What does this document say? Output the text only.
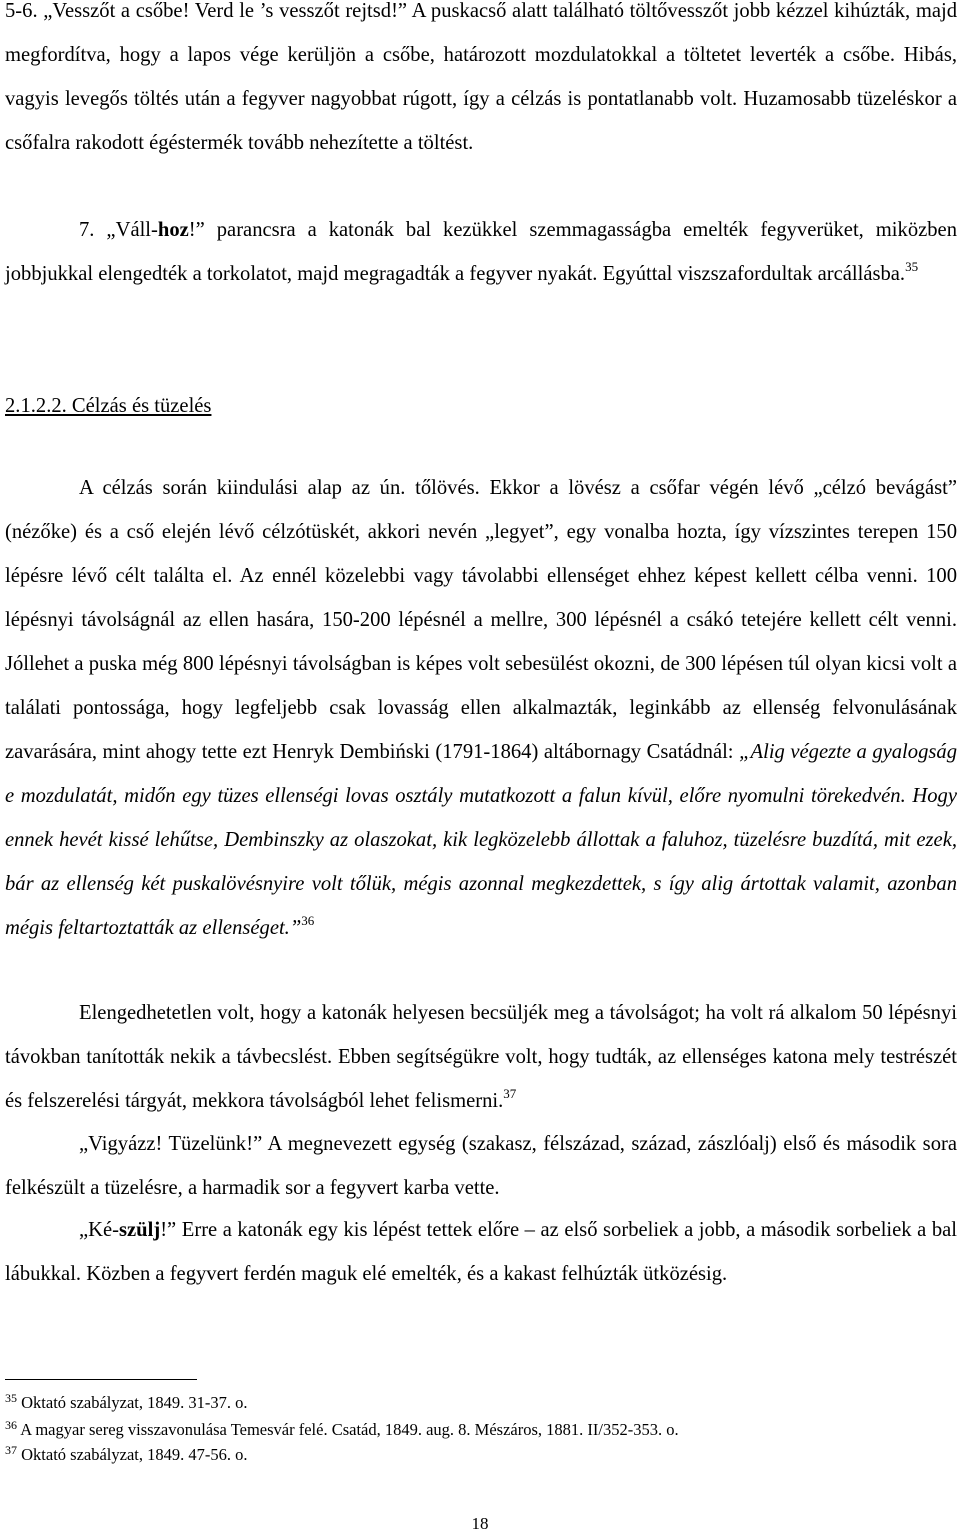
5-6. „Vesszőt a csőbe! Verd le ’s vesszőt rejtsd!” A puskacső alatt található töltővesszőt jobb kézzel kihúzták, majd megfordítva, hogy a lapos vége kerüljön a csőbe, határozott mozdulatokkal a töltetet leverték a csőbe. Hibás, vagyis levegős töltés után a fegyver nagyobbat rúgott, így a célzás is pontatlanabb volt. Huzamosabb tüzeléskor a csőfalra rakodott égéstermék tovább nehezítette a töltést.

7. „Váll-hoz!” parancsra a katonák bal kezükkel szemmagasságba emelték fegyverüket, miközben jobbjukkal elengedték a torkolatot, majd megragadták a fegyver nyakát. Egyúttal viszszafordultak arcállásba.$^{35}$

2.1.2.2. Célzás és tüzelés

A célzás során kiindulási alap az ún. tőlövés. Ekkor a lövész a csőfar végén lévő „célzó bevágást” (nézőke) és a cső elején lévő célzótüskét, akkori nevén „legyet”, egy vonalba hozta, így vízszintes terepen 150 lépésre lévő célt találta el. Az ennél közelebbi vagy távolabbi ellenséget ehhez képest kellett célba venni. 100 lépésnyi távolságnál az ellen hasára, 150-200 lépésnél a mellre, 300 lépésnél a csákó tetejére kellett célt venni. Jóllehet a puska még 800 lépésnyi távolságban is képes volt sebesülést okozni, de 300 lépésen túl olyan kicsi volt a találati pontossága, hogy legfeljebb csak lovasság ellen alkalmazták, leginkább az ellenség felvonulásának zavarására, mint ahogy tette ezt Henryk Dembiński (1791-1864) altábornagy Csatádnál: „Alig végezte a gyalogság e mozdulatát, midőn egy tüzes ellenségi lovas osztály mutatkozott a falun kívül, előre nyomulni törekedvén. Hogy ennek hevét kissé lehűtse, Dembinszky az olaszokat, kik legközelebb állottak a faluhoz, tüzelésre buzdítá, mit ezek, bár az ellenség két puskalövésnyire volt tőlük, mégis azonnal megkezdettek, s így alig ártottak valamit, azonban mégis feltartoztatták az ellenséget.”$^{36}$

Elengedhetetlen volt, hogy a katonák helyesen becsüljék meg a távolságot; ha volt rá alkalom 50 lépésnyi távokban tanították nekik a távbecslést. Ebben segítségükre volt, hogy tudták, az ellenséges katona mely testrészét és felszerelési tárgyát, mekkora távolságból lehet felismerni.$^{37}$

„Vigyázz! Tüzelünk!” A megnevezett egység (szakasz, félszázad, század, zászlóalj) első és második sora felkészült a tüzelésre, a harmadik sor a fegyvert karba vette.

„Ké-szülj!” Erre a katonák egy kis lépést tettek előre – az első sorbeliek a jobb, a második sorbeliek a bal lábukkal. Közben a fegyvert ferdén maguk elé emelték, és a kakast felhúzták ütközésig.

$^{35}$ Oktató szabályzat, 1849. 31-37. o.

$^{36}$ A magyar sereg visszavonulása Temesvár felé. Csatád, 1849. aug. 8. Mészáros, 1881. II/352-353. o.

$^{37}$ Oktató szabályzat, 1849. 47-56. o.

18
